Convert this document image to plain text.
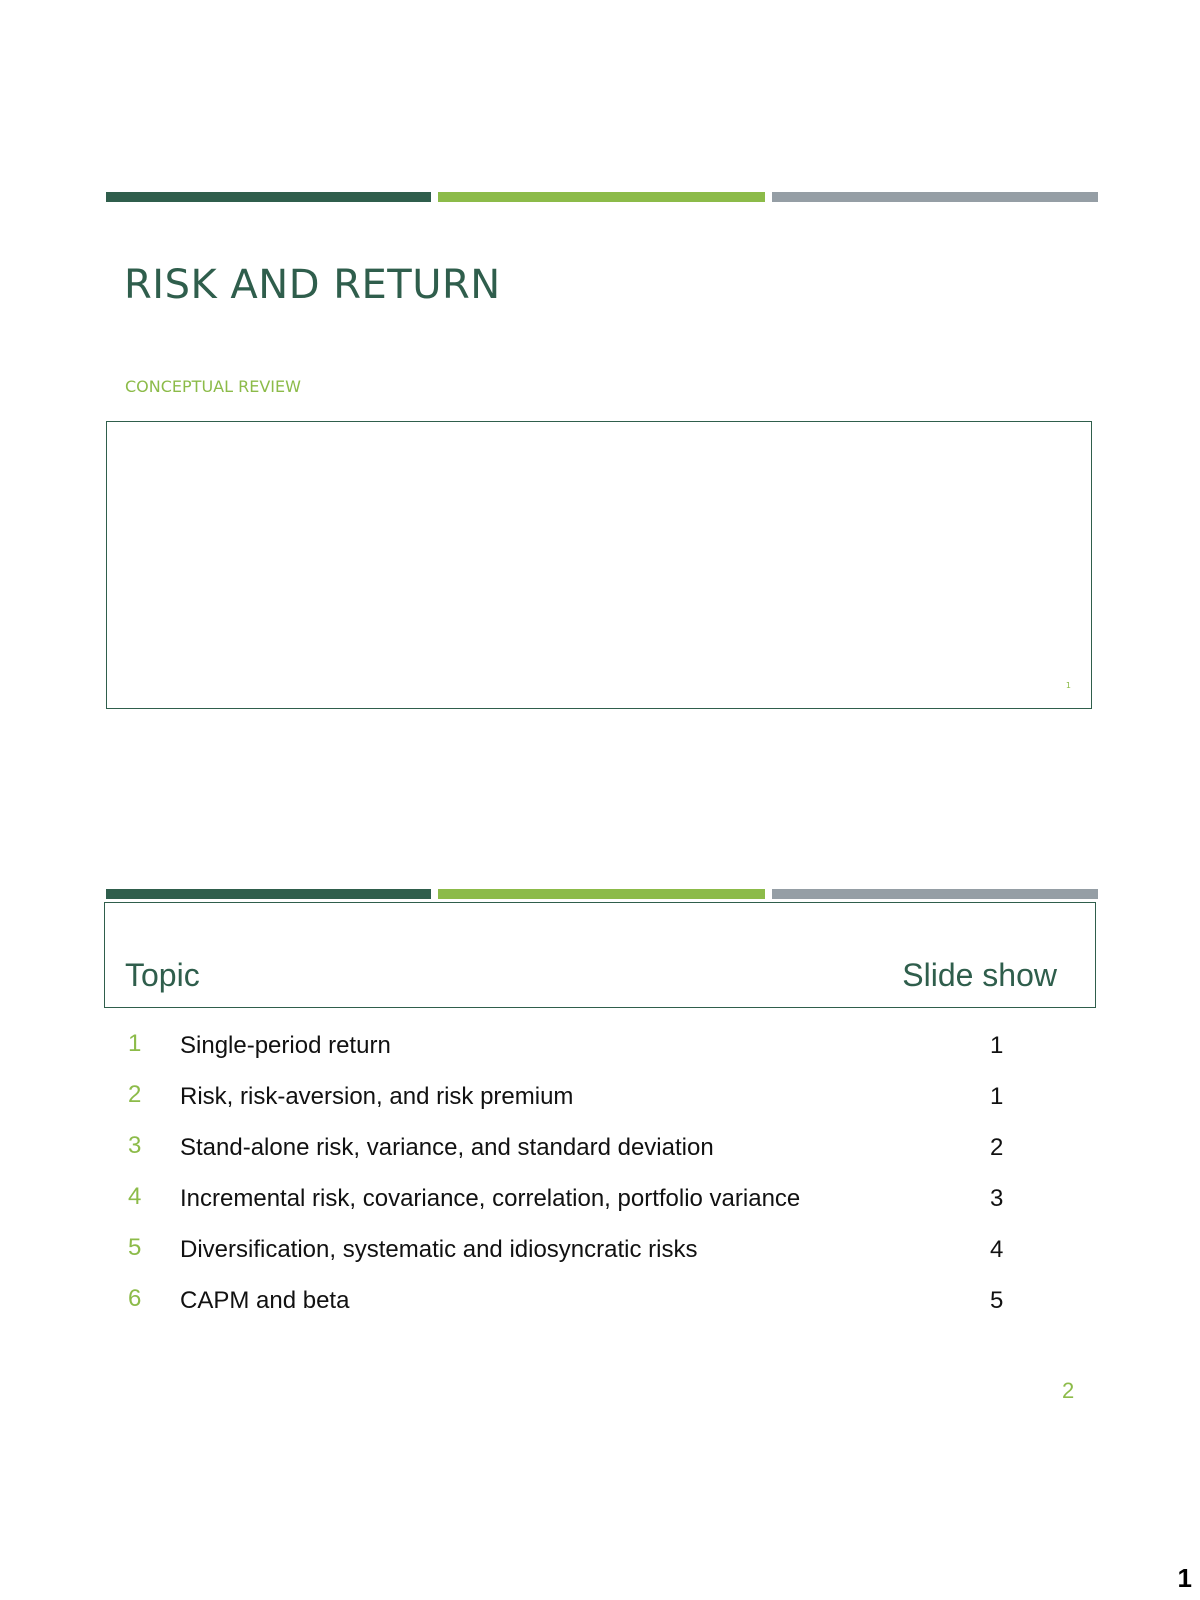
RISK AND RETURN
CONCEPTUAL REVIEW
1
Topic	Slide show
1 Single-period return	1
2 Risk, risk-aversion, and risk premium	1
3 Stand-alone risk, variance, and standard deviation	2
4 Incremental risk, covariance, correlation, portfolio variance	3
5 Diversification, systematic and idiosyncratic risks	4
6 CAPM and beta	5
2
1
